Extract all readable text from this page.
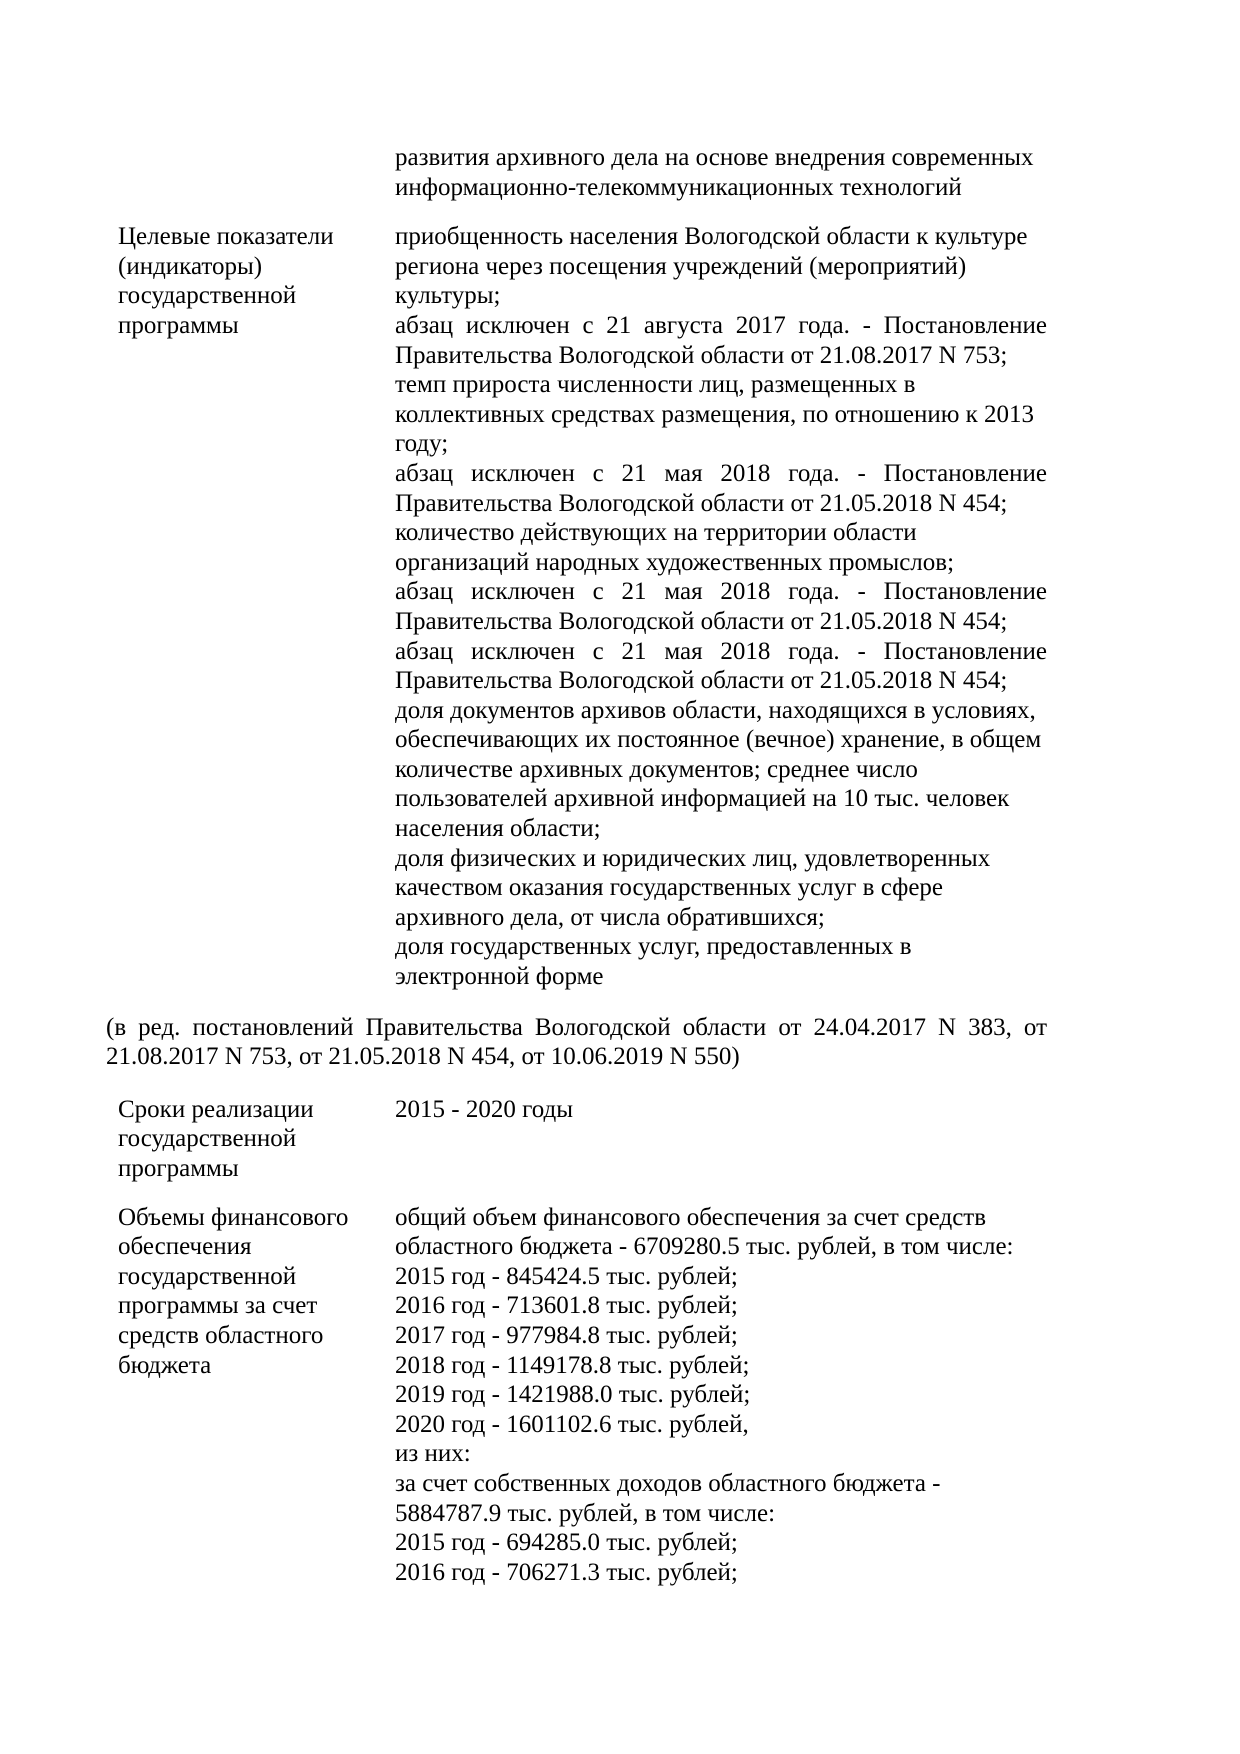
развития архивного дела на основе внедрения современных
информационно-телекоммуникационных технологий
Целевые показатели
(индикаторы)
государственной
программы
приобщенность населения Вологодской области к культуре
региона через посещения учреждений (мероприятий)
культуры;
абзац исключен с 21 августа 2017 года. - Постановление
Правительства Вологодской области от 21.08.2017 N 753;
темп прироста численности лиц, размещенных в
коллективных средствах размещения, по отношению к 2013
году;
абзац исключен с 21 мая 2018 года. - Постановление
Правительства Вологодской области от 21.05.2018 N 454;
количество действующих на территории области
организаций народных художественных промыслов;
абзац исключен с 21 мая 2018 года. - Постановление
Правительства Вологодской области от 21.05.2018 N 454;
абзац исключен с 21 мая 2018 года. - Постановление
Правительства Вологодской области от 21.05.2018 N 454;
доля документов архивов области, находящихся в условиях,
обеспечивающих их постоянное (вечное) хранение, в общем
количестве архивных документов; среднее число
пользователей архивной информацией на 10 тыс. человек
населения области;
доля физических и юридических лиц, удовлетворенных
качеством оказания государственных услуг в сфере
архивного дела, от числа обратившихся;
доля государственных услуг, предоставленных в
электронной форме
(в ред. постановлений Правительства Вологодской области от 24.04.2017 N 383, от
21.08.2017 N 753, от 21.05.2018 N 454, от 10.06.2019 N 550)
Сроки реализации
государственной
программы
2015 - 2020 годы
Объемы финансового
обеспечения
государственной
программы за счет
средств областного
бюджета
общий объем финансового обеспечения за счет средств
областного бюджета - 6709280.5 тыс. рублей, в том числе:
2015 год - 845424.5 тыс. рублей;
2016 год - 713601.8 тыс. рублей;
2017 год - 977984.8 тыс. рублей;
2018 год - 1149178.8 тыс. рублей;
2019 год - 1421988.0 тыс. рублей;
2020 год - 1601102.6 тыс. рублей,
из них:
за счет собственных доходов областного бюджета -
5884787.9 тыс. рублей, в том числе:
2015 год - 694285.0 тыс. рублей;
2016 год - 706271.3 тыс. рублей;
